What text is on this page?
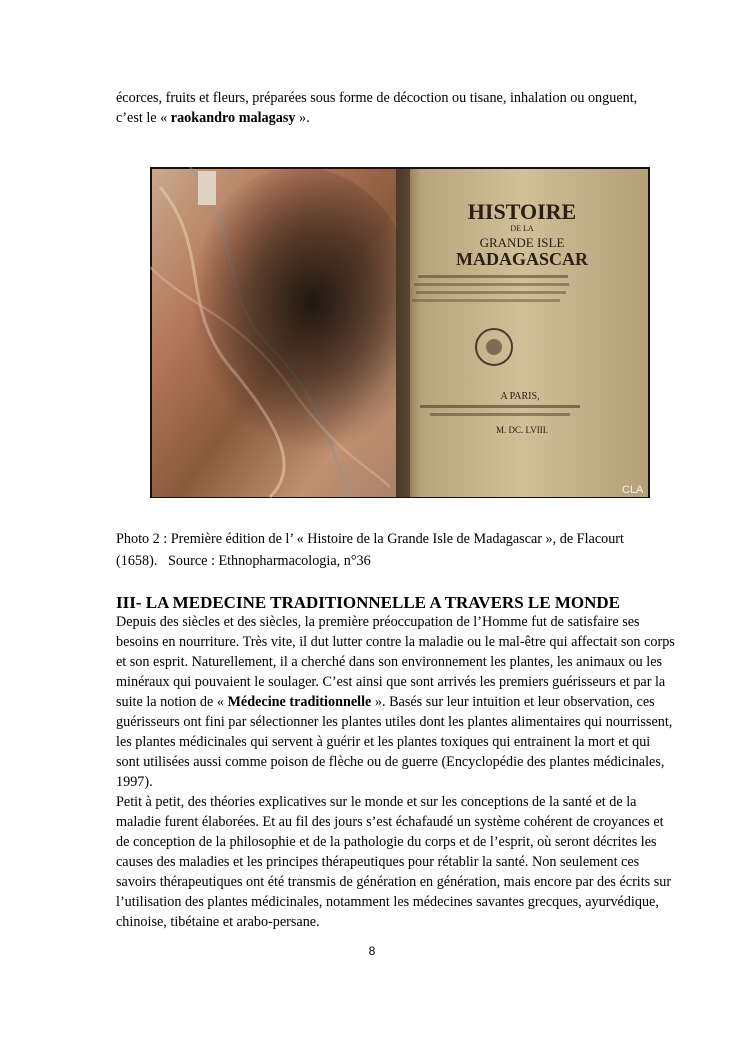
écorces, fruits et fleurs, préparées sous forme de décoction ou tisane, inhalation ou onguent,
c’est le « raokandro malagasy ».
HISTOIRE
DE LA
GRANDE ISLE
MADAGASCAR
A PARIS,
M. DC. LVIII.
CLA
Photo 2 : Première édition de l’ « Histoire de la Grande Isle de Madagascar », de Flacourt
(1658).   Source : Ethnopharmacologia, n°36
III- LA MEDECINE TRADITIONNELLE A TRAVERS LE MONDE

Depuis des siècles et des siècles, la première préoccupation de l’Homme fut de satisfaire ses besoins en nourriture. Très vite, il dut lutter contre la maladie ou le mal-être qui affectait son corps et son esprit. Naturellement, il a cherché dans son environnement les plantes, les animaux ou les minéraux qui pouvaient le soulager. C’est ainsi que sont arrivés les premiers guérisseurs et par la suite la notion de « Médecine traditionnelle ». Basés sur leur intuition et leur observation, ces guérisseurs ont fini par sélectionner les plantes utiles dont les plantes alimentaires qui nourrissent, les plantes médicinales qui servent à guérir et les plantes toxiques qui entrainent la mort et qui sont utilisées aussi comme poison de flèche ou de guerre (Encyclopédie des plantes médicinales, 1997).

Petit à petit, des théories explicatives sur le monde et sur les conceptions de la santé et de la maladie furent élaborées. Et au fil des jours s’est échafaudé un système cohérent de croyances et de conception de la philosophie et de la pathologie du corps et de l’esprit, où seront décrites les causes des maladies et les principes thérapeutiques pour rétablir la santé. Non seulement ces savoirs thérapeutiques ont été transmis de génération en génération, mais encore par des écrits sur l’utilisation des plantes médicinales, notamment les médecines savantes grecques, ayurvédique, chinoise, tibétaine et arabo-persane.

8
